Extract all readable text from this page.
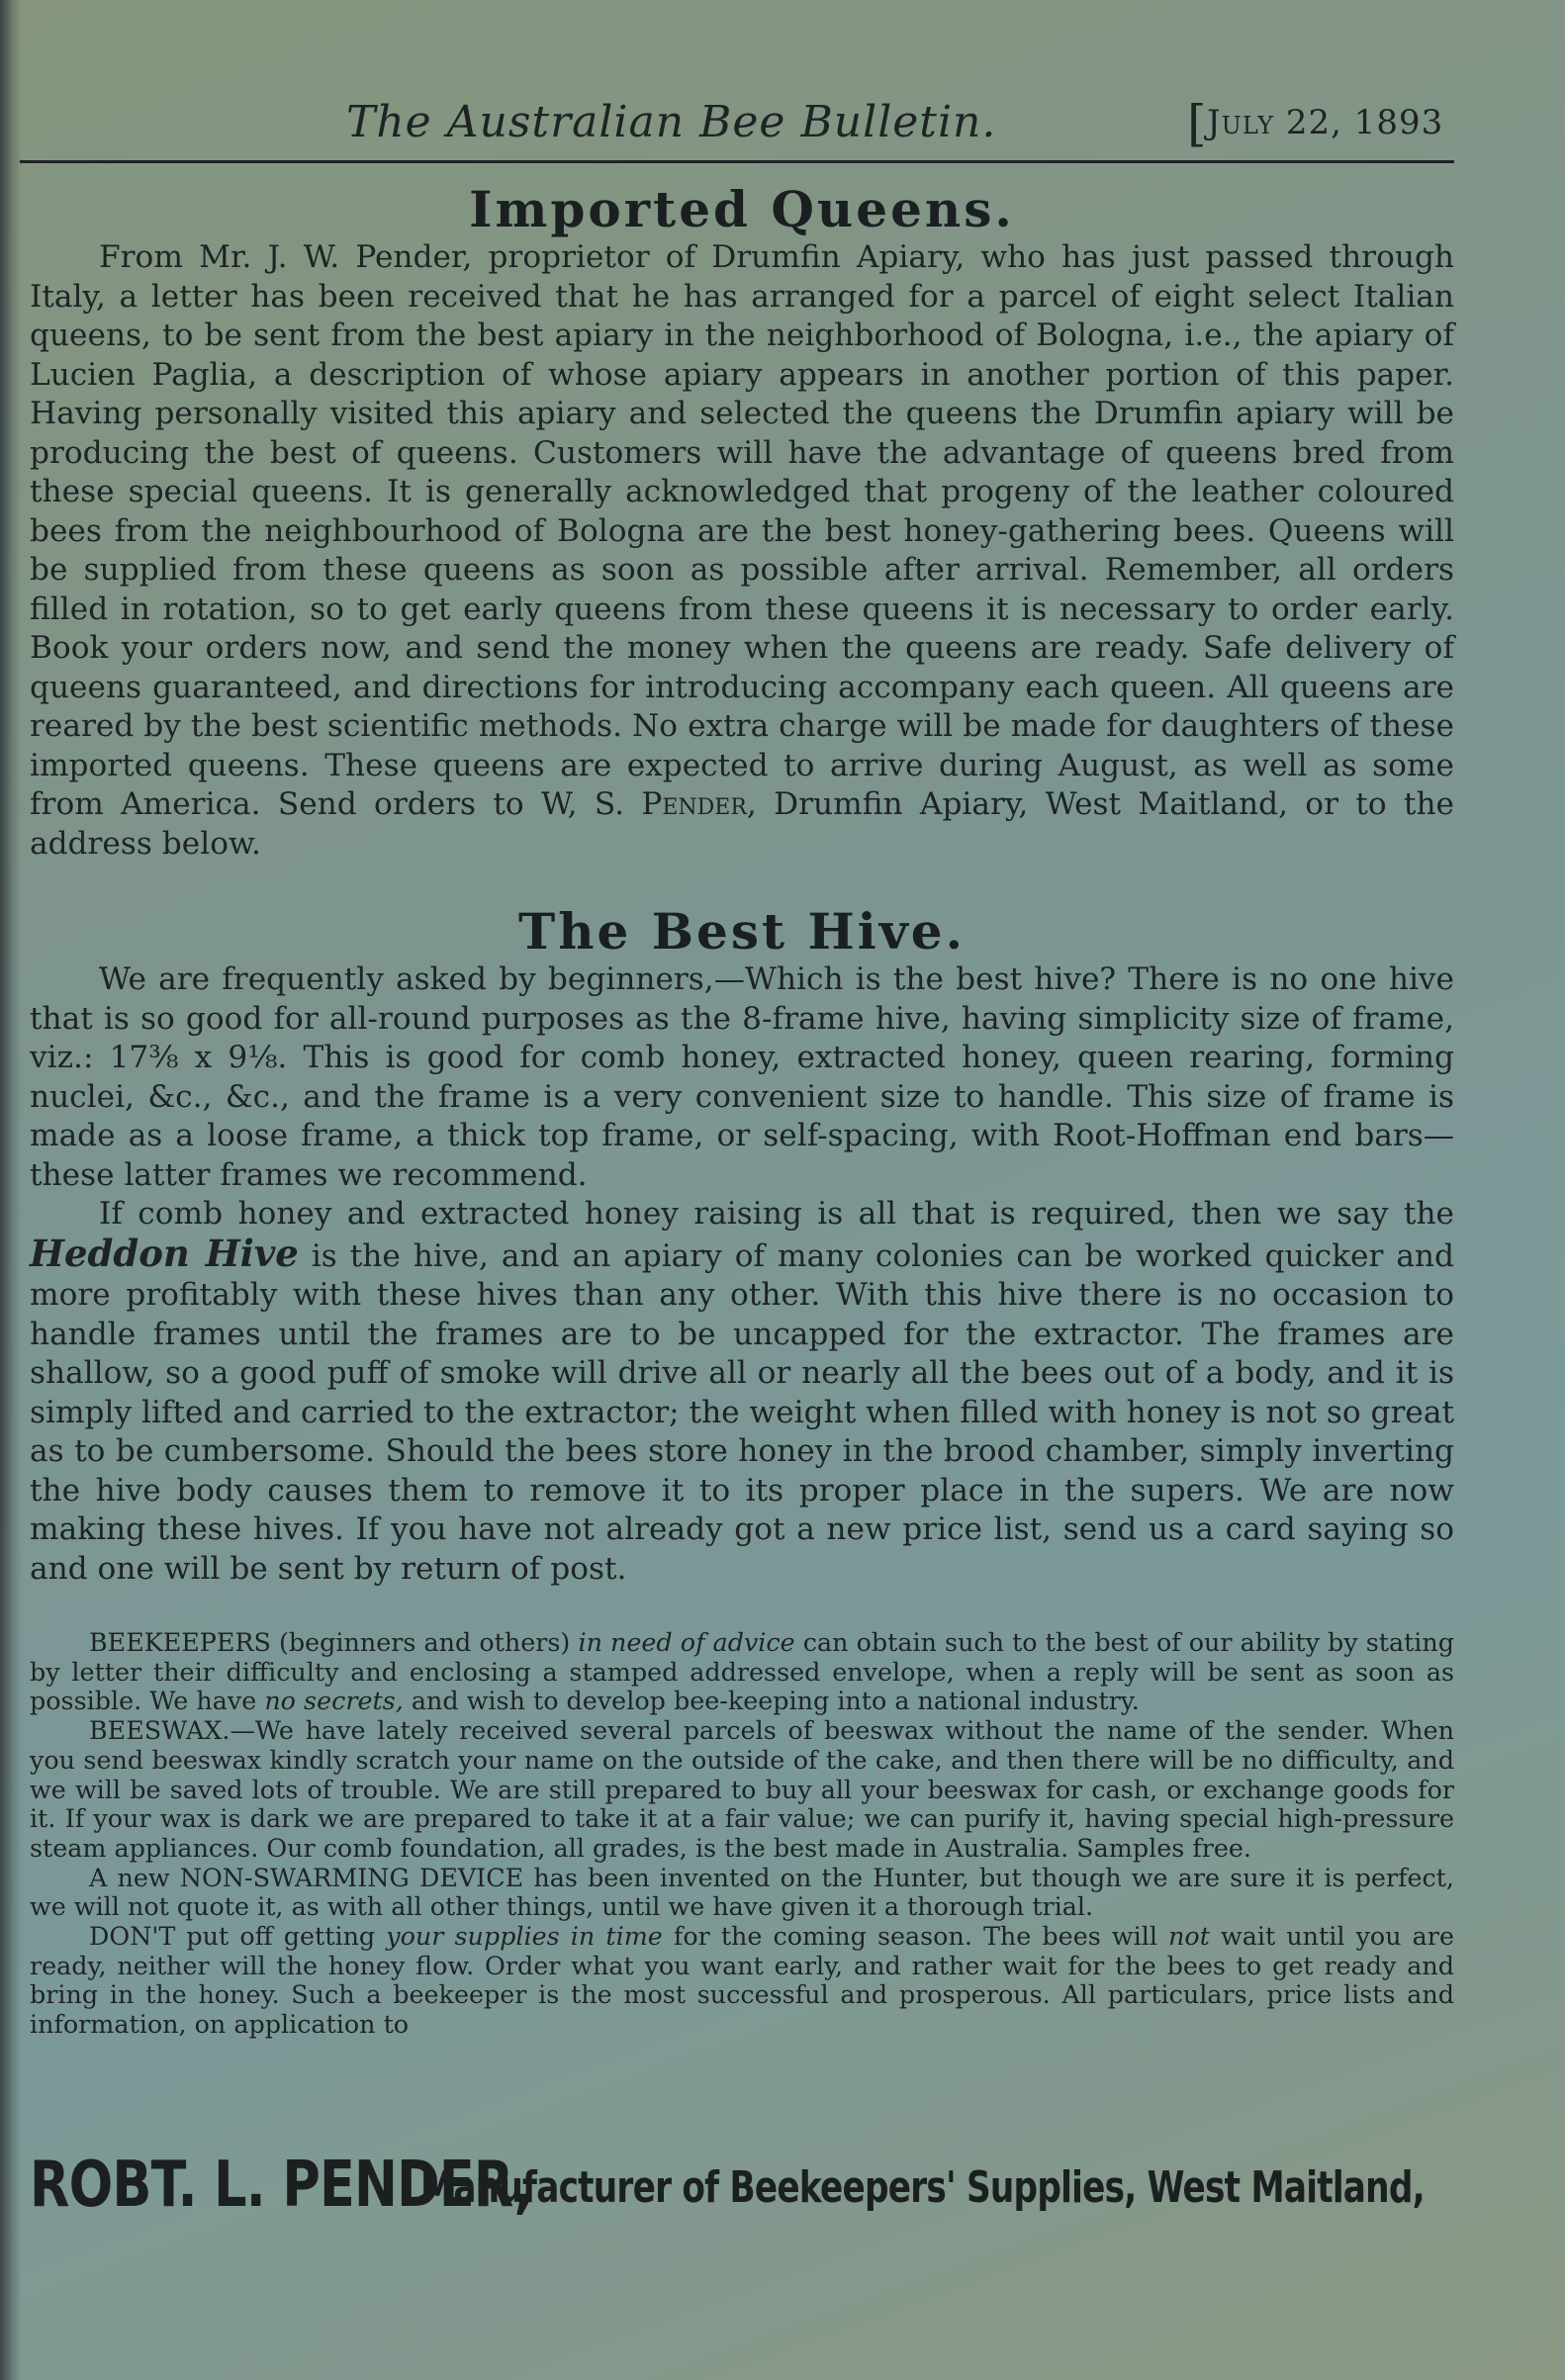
The Australian Bee Bulletin.	[ July 22, 1893
Imported Queens.

From Mr. J. W. Pender, proprietor of Drumfin Apiary, who has just passed through Italy, a letter has been received that he has arranged for a parcel of eight select Italian queens, to be sent from the best apiary in the neighborhood of Bologna, i.e., the apiary of Lucien Paglia, a description of whose apiary appears in another portion of this paper. Having personally visited this apiary and selected the queens the Drumfin apiary will be producing the best of queens. Customers will have the advantage of queens bred from these special queens. It is generally acknowledged that progeny of the leather coloured bees from the neighbourhood of Bologna are the best honey-gathering bees. Queens will be supplied from these queens as soon as possible after arrival. Remember, all orders filled in rotation, so to get early queens from these queens it is necessary to order early. Book your orders now, and send the money when the queens are ready. Safe delivery of queens guaranteed, and directions for introducing accompany each queen. All queens are reared by the best scientific methods. No extra charge will be made for daughters of these imported queens. These queens are expected to arrive during August, as well as some from America. Send orders to W, S. Pender, Drumfin Apiary, West Maitland, or to the address below.

The Best Hive.

We are frequently asked by beginners,—Which is the best hive? There is no one hive that is so good for all-round purposes as the 8-frame hive, having simplicity size of frame, viz.: 17⅜ x 9⅛. This is good for comb honey, extracted honey, queen rearing, forming nuclei, &c., &c., and the frame is a very convenient size to handle. This size of frame is made as a loose frame, a thick top frame, or self-spacing, with Root-Hoffman end bars—these latter frames we recommend.

If comb honey and extracted honey raising is all that is required, then we say the Heddon Hive is the hive, and an apiary of many colonies can be worked quicker and more profitably with these hives than any other. With this hive there is no occasion to handle frames until the frames are to be uncapped for the extractor. The frames are shallow, so a good puff of smoke will drive all or nearly all the bees out of a body, and it is simply lifted and carried to the extractor; the weight when filled with honey is not so great as to be cumbersome. Should the bees store honey in the brood chamber, simply inverting the hive body causes them to remove it to its proper place in the supers. We are now making these hives. If you have not already got a new price list, send us a card saying so and one will be sent by return of post.

BEEKEEPERS (beginners and others) in need of advice can obtain such to the best of our ability by stating by letter their difficulty and enclosing a stamped addressed envelope, when a reply will be sent as soon as possible. We have no secrets, and wish to develop bee-keeping into a national industry.

BEESWAX.—We have lately received several parcels of beeswax without the name of the sender. When you send beeswax kindly scratch your name on the outside of the cake, and then there will be no difficulty, and we will be saved lots of trouble. We are still prepared to buy all your beeswax for cash, or exchange goods for it. If your wax is dark we are prepared to take it at a fair value; we can purify it, having special high-pressure steam appliances. Our comb foundation, all grades, is the best made in Australia. Samples free.

A new NON-SWARMING DEVICE has been invented on the Hunter, but though we are sure it is perfect, we will not quote it, as with all other things, until we have given it a thorough trial.

DON'T put off getting your supplies in time for the coming season. The bees will not wait until you are ready, neither will the honey flow. Order what you want early, and rather wait for the bees to get ready and bring in the honey. Such a beekeeper is the most successful and prosperous. All particulars, price lists and information, on application to

ROBT. L. PENDER,
Manufacturer of Beekeepers' Supplies, West Maitland,
